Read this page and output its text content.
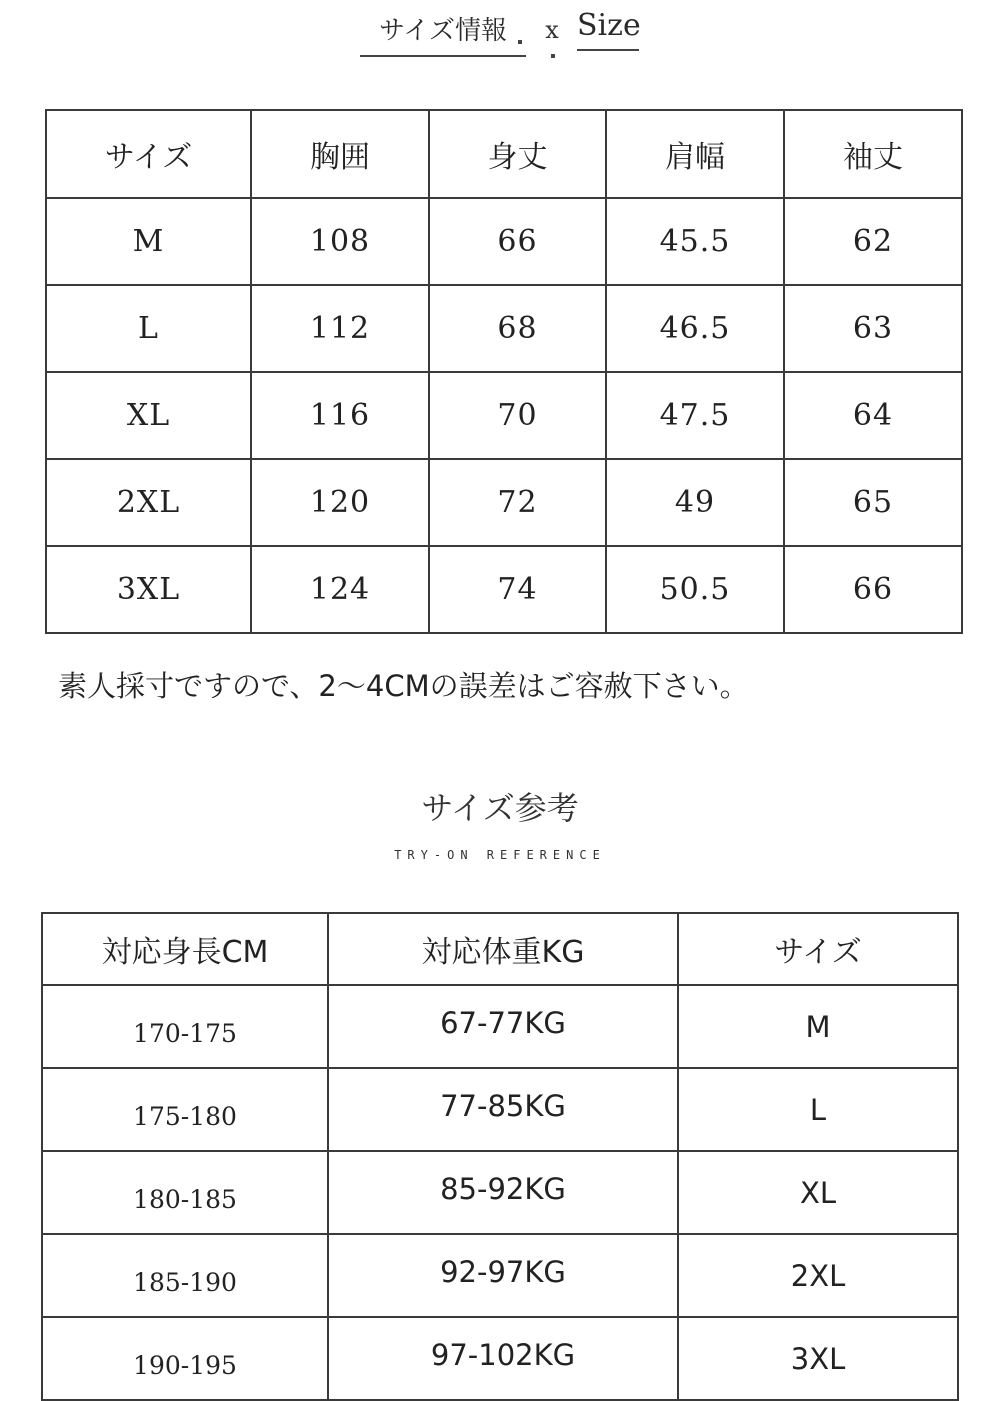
サイズ情報	x Size
サイズ	胸囲	身丈	肩幅	袖丈
M	108	66	45.5	62
L	112	68	46.5	63
XL	116	70	47.5	64
2XL	120	72	49	65
3XL	124	74	50.5	66
素人採寸ですので、2～4CMの誤差はご容赦下さい。
サイズ参考
TRY-ON REFERENCE
対応身長CM	対応体重KG	サイズ
170-175	67-77KG	M
175-180	77-85KG	L
180-185	85-92KG	XL
185-190	92-97KG	2XL
190-195	97-102KG	3XL
